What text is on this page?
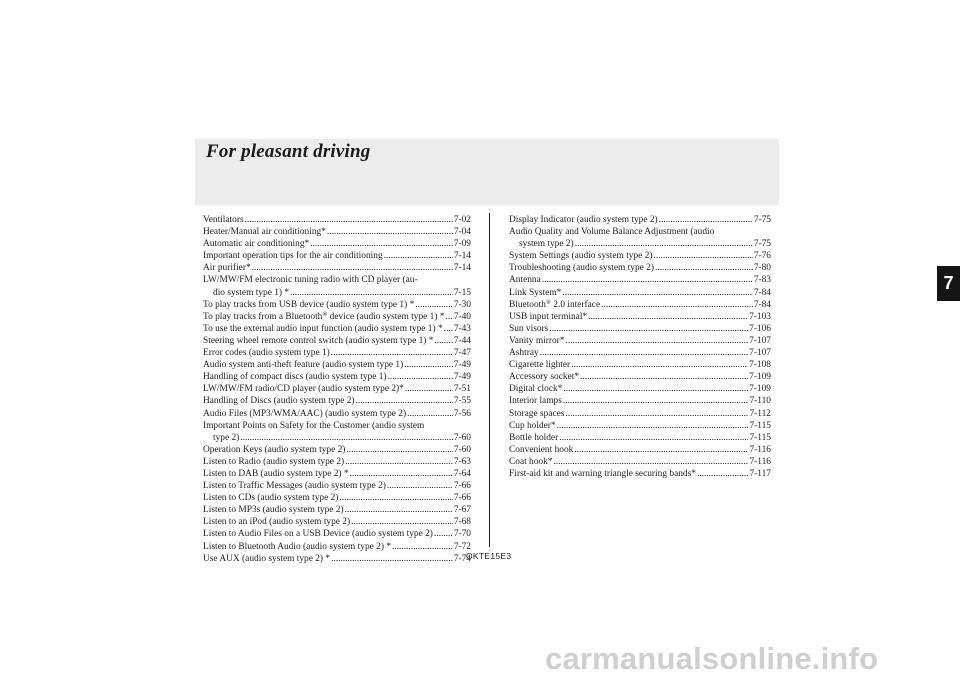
For pleasant driving
Ventilators .....	7-02
Heater/Manual air conditioning* .....	7-04
Automatic air conditioning* .....	7-09
Important operation tips for the air conditioning .....	7-14
Air purifier* .....	7-14
LW/MW/FM electronic tuning radio with CD player (au-
dio system type 1) * .....	7-15
To play tracks from USB device (audio system type 1) * .....	7-30
To play tracks from a Bluetooth® device (audio system type 1) * ..... 7-40
To use the external audio input function (audio system type 1) * ..... 7-43
Steering wheel remote control switch (audio system type 1) * ..... 7-44
Error codes (audio system type 1) .....	7-47
Audio system anti-theft feature (audio system type 1) .....	7-49
Handling of compact discs (audio system type 1) .....	7-49
LW/MW/FM radio/CD player (audio system type 2)* .....	7-51
Handling of Discs (audio system type 2) .....	7-55
Audio Files (MP3/WMA/AAC) (audio system type 2) .....	7-56
Important Points on Safety for the Customer (audio system
type 2) .....	7-60
Operation Keys (audio system type 2) .....	7-60
Listen to Radio (audio system type 2) .....	7-63
Listen to DAB (audio system type 2) * .....	7-64
Listen to Traffic Messages (audio system type 2) .....	7-66
Listen to CDs (audio system type 2) .....	7-66
Listen to MP3s (audio system type 2) .....	7-67
Listen to an iPod (audio system type 2) .....	7-68
Listen to Audio Files on a USB Device (audio system type 2) ..... 7-70
Listen to Bluetooth Audio (audio system type 2) * .....	7-72
Use AUX (audio system type 2) * .....	7-74
Display Indicator (audio system type 2) .....	7-75
Audio Quality and Volume Balance Adjustment (audio
system type 2) .....	7-75
System Settings (audio system type 2) .....	7-76
Troubleshooting (audio system type 2) .....	7-80
Antenna .....	7-83
Link System* .....	7-84
Bluetooth® 2.0 interface .....	7-84
USB input terminal* .....	7-103
Sun visors .....	7-106
Vanity mirror* .....	7-107
Ashtray .....	7-107
Cigarette lighter .....	7-108
Accessory socket* .....	7-109
Digital clock* .....	7-109
Interior lamps .....	7-110
Storage spaces .....	7-112
Cup holder* .....	7-115
Bottle holder .....	7-115
Convenient hook .....	7-116
Coat hook* .....	7-116
First-aid kit and warning triangle securing bands* .....	7-117
OKTE15E3
7
carmanualsonline.info
